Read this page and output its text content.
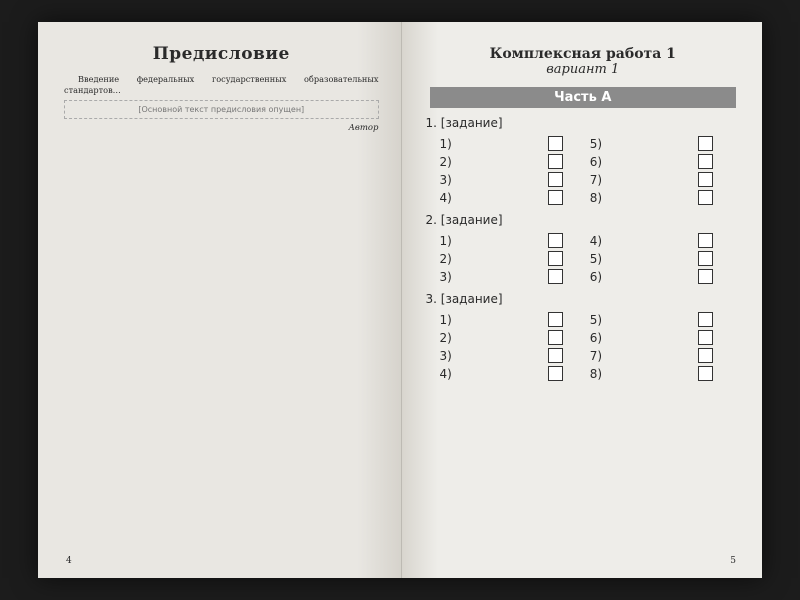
Предисловие

Введение федеральных государственных образовательных стандартов…

[Основной текст предисловия опущен]
Автор
4
Комплексная работа 1
вариант 1
Часть А
1. [задание]
1)	5)
2)	6)
3)	7)
4)	8)
2. [задание]
1)	4)
2)	5)
3)	6)
3. [задание]
1)	5)
2)	6)
3)	7)
4)	8)
5
